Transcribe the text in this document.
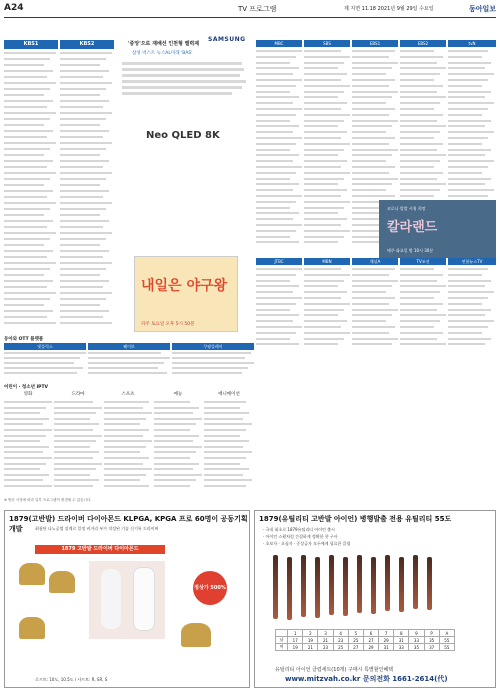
A24	TV 프로그램	제 지면 11.18 2021년 9월 29일 수요일	동아일보
KBS1	KBS2
SAMSUNG
'중앙'으로 재배선 인천형 밸력제
삼성 넥스트 뉴스AL미래 'BAS'
Neo QLED 8K
내일은 야구왕
파주 토요일 오후 5시 50분
MBC	SBS	EBS1	EBS2	tvN
코로나 발발 시청 희망
칼라랜드
매주 화요일 밤 10시 30분
JTBC	MBN	채널A	TV조선	연합뉴스TV
동아와 OTT 플랫폼
넷플릭스	웨이브	쿠팡플레이
어린이 · 청소년 IPTV
영화	드라마	스포츠	예능	애니메이션
※ 방송 사정에 따라 일부 프로그램이 변경될 수 있습니다.
1879(고반발) 드라이버 다이아몬드 KLPGA, KPGA 프로 60명이 공동기획 개발	최첨단 나노공법 설계로 일정 비거리 부가 작성된 기술 신기록 드라이버
1879 고반발 드라이버 다이아몬드
정상가 500%
로프트: 10도, 10.5도 / 샤프트: R, SR, S
1879(유틸리티 고반발 아이언) 병행발출 전용 유틸리티 55도
· 국내 최초로 1879유틸리티 아이언 출시
· 아이언 스윙처럼 간결하게 정확한 샷 구사
· 초보자 · 초심자 · 중상급자 모두에게 필요한 클럽
	1	2	3	4	5	6	7	8	9	P	A
남	17	19	21	23	25	27	29	31	33	35	55
여	19	21	23	25	27	29	31	33	35	37	55
유틸리티 아이언 클럽세트(10개) 구매시 특별할인혜택
www.mitzvah.co.kr 문의전화 1661-2614(代)
